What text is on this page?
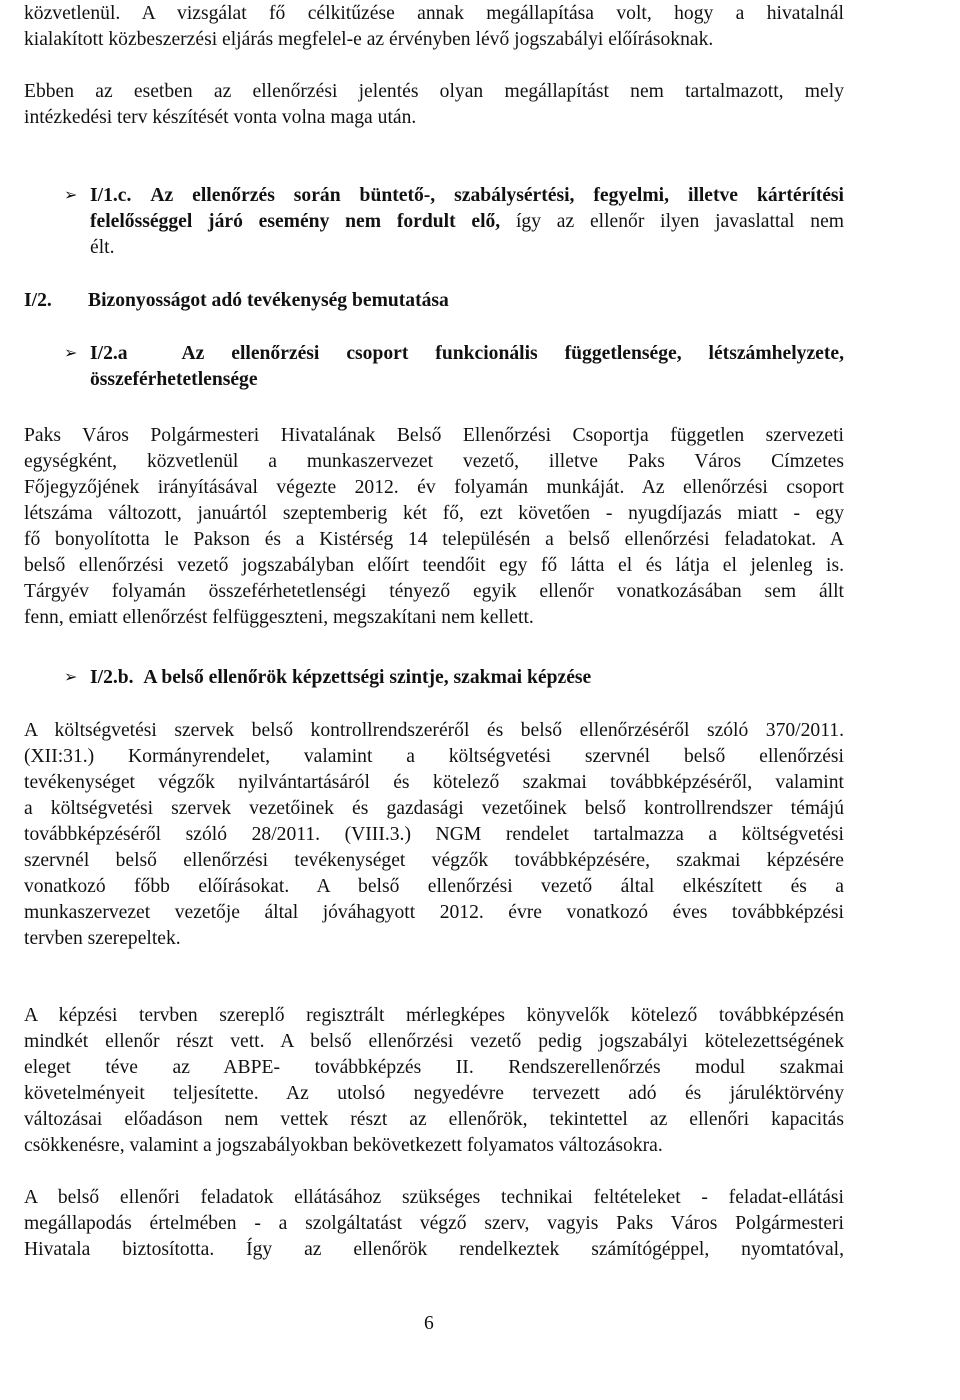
közvetlenül. A vizsgálat fő célkitűzése annak megállapítása volt, hogy a hivatalnál

kialakított közbeszerzési eljárás megfelel-e az érvényben lévő jogszabályi előírásoknak.

Ebben az esetben az ellenőrzési jelentés olyan megállapítást nem tartalmazott, mely

intézkedési terv készítését vonta volna maga után.

➢ I/1.c. Az ellenőrzés során büntető-, szabálysértési, fegyelmi, illetve kártérítési

felelősséggel járó esemény nem fordult elő, így az ellenőr ilyen javaslattal nem

élt.

I/2. Bizonyosságot adó tevékenység bemutatása
➢ I/2.a	Az ellenőrzési csoport funkcionális függetlensége, létszámhelyzete,

összeférhetetlensége

Paks Város Polgármesteri Hivatalának Belső Ellenőrzési Csoportja független szervezeti

egységként, közvetlenül a munkaszervezet vezető, illetve Paks Város Címzetes

Főjegyzőjének irányításával végezte 2012. év folyamán munkáját. Az ellenőrzési csoport

létszáma változott, januártól szeptemberig két fő, ezt követően - nyugdíjazás miatt - egy

fő bonyolította le Pakson és a Kistérség 14 településén a belső ellenőrzési feladatokat. A

belső ellenőrzési vezető jogszabályban előírt teendőit egy fő látta el és látja el jelenleg is.

Tárgyév folyamán összeférhetetlenségi tényező egyik ellenőr vonatkozásában sem állt

fenn, emiatt ellenőrzést felfüggeszteni, megszakítani nem kellett.

➢ I/2.b. A belső ellenőrök képzettségi szintje, szakmai képzése

A költségvetési szervek belső kontrollrendszeréről és belső ellenőrzéséről szóló 370/2011.

(XII:31.) Kormányrendelet, valamint a költségvetési szervnél belső ellenőrzési

tevékenységet végzők nyilvántartásáról és kötelező szakmai továbbképzéséről, valamint

a költségvetési szervek vezetőinek és gazdasági vezetőinek belső kontrollrendszer témájú

továbbképzéséről szóló 28/2011. (VIII.3.) NGM rendelet tartalmazza a költségvetési

szervnél belső ellenőrzési tevékenységet végzők továbbképzésére, szakmai képzésére

vonatkozó főbb előírásokat. A belső ellenőrzési vezető által elkészített és a

munkaszervezet vezetője által jóváhagyott 2012. évre vonatkozó éves továbbképzési

tervben szerepeltek.

A képzési tervben szereplő regisztrált mérlegképes könyvelők kötelező továbbképzésén

mindkét ellenőr részt vett. A belső ellenőrzési vezető pedig jogszabályi kötelezettségének

eleget téve az ABPE- továbbképzés II. Rendszerellenőrzés modul szakmai

követelményeit teljesítette. Az utolsó negyedévre tervezett adó és járuléktörvény

változásai előadáson nem vettek részt az ellenőrök, tekintettel az ellenőri kapacitás

csökkenésre, valamint a jogszabályokban bekövetkezett folyamatos változásokra.

A belső ellenőri feladatok ellátásához szükséges technikai feltételeket - feladat-ellátási

megállapodás értelmében - a szolgáltatást végző szerv, vagyis Paks Város Polgármesteri

Hivatala biztosította. Így az ellenőrök rendelkeztek számítógéppel, nyomtatóval,

6
